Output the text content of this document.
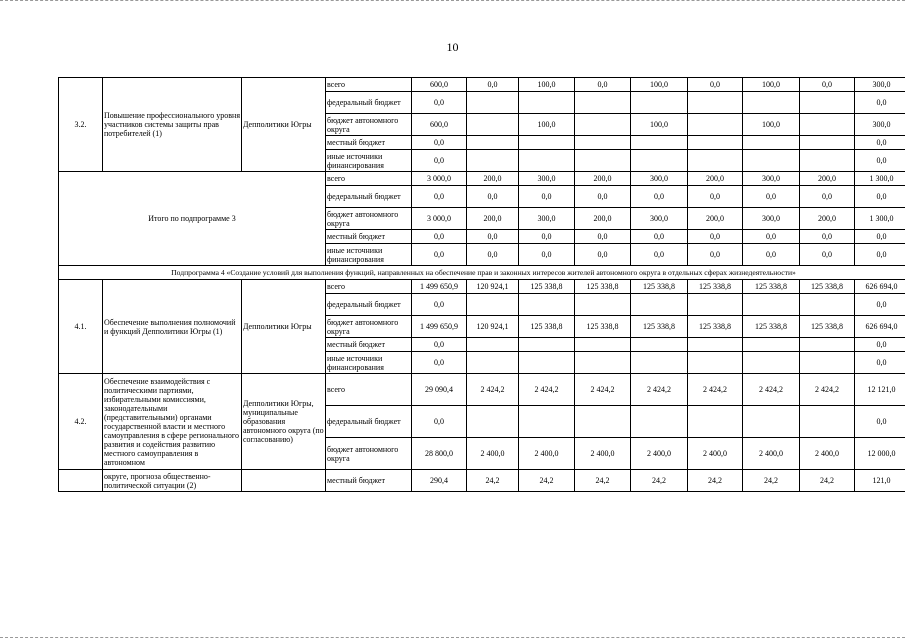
10
3.2.	Повышение профессионального уровня участников системы защиты прав потребителей (1)	Депполитики Югры	всего	600,0	0,0	100,0	0,0	100,0	0,0	100,0	0,0	300,0
			федеральный бюджет	0,0								0,0
			бюджет автономного округа	600,0		100,0		100,0		100,0		300,0
			местный бюджет	0,0								0,0
			иные источники финансирования	0,0								0,0
Итого по подпрограмме 3			всего	3 000,0	200,0	300,0	200,0	300,0	200,0	300,0	200,0	1 300,0
			федеральный бюджет	0,0	0,0	0,0	0,0	0,0	0,0	0,0	0,0	0,0
			бюджет автономного округа	3 000,0	200,0	300,0	200,0	300,0	200,0	300,0	200,0	1 300,0
			местный бюджет	0,0	0,0	0,0	0,0	0,0	0,0	0,0	0,0	0,0
			иные источники финансирования	0,0	0,0	0,0	0,0	0,0	0,0	0,0	0,0	0,0
Подпрограмма 4 «Создание условий для выполнения функций, направленных на обеспечение прав и законных интересов жителей автономного округа в отдельных сферах жизнедеятельности»												
4.1.	Обеспечение выполнения полномочий и функций Депполитики Югры (1)	Депполитики Югры	всего	1 499 650,9	120 924,1	125 338,8	125 338,8	125 338,8	125 338,8	125 338,8	125 338,8	626 694,0
			федеральный бюджет	0,0								0,0
			бюджет автономного округа	1 499 650,9	120 924,1	125 338,8	125 338,8	125 338,8	125 338,8	125 338,8	125 338,8	626 694,0
			местный бюджет	0,0								0,0
			иные источники финансирования	0,0								0,0
4.2.	Обеспечение взаимодействия с политическими партиями, избирательными комиссиями, законодательными (представительными) органами государственной власти и местного самоуправления в сфере регионального развития и содействия развитию местного самоуправления в автономном	Депполитики Югры, муниципальные образования автономного округа (по согласованию)	всего	29 090,4	2 424,2	2 424,2	2 424,2	2 424,2	2 424,2	2 424,2	2 424,2	12 121,0
			федеральный бюджет	0,0								0,0
			бюджет автономного округа	28 800,0	2 400,0	2 400,0	2 400,0	2 400,0	2 400,0	2 400,0	2 400,0	12 000,0
	округе, прогноза общественно-политической ситуации (2)		местный бюджет	290,4	24,2	24,2	24,2	24,2	24,2	24,2	24,2	121,0
